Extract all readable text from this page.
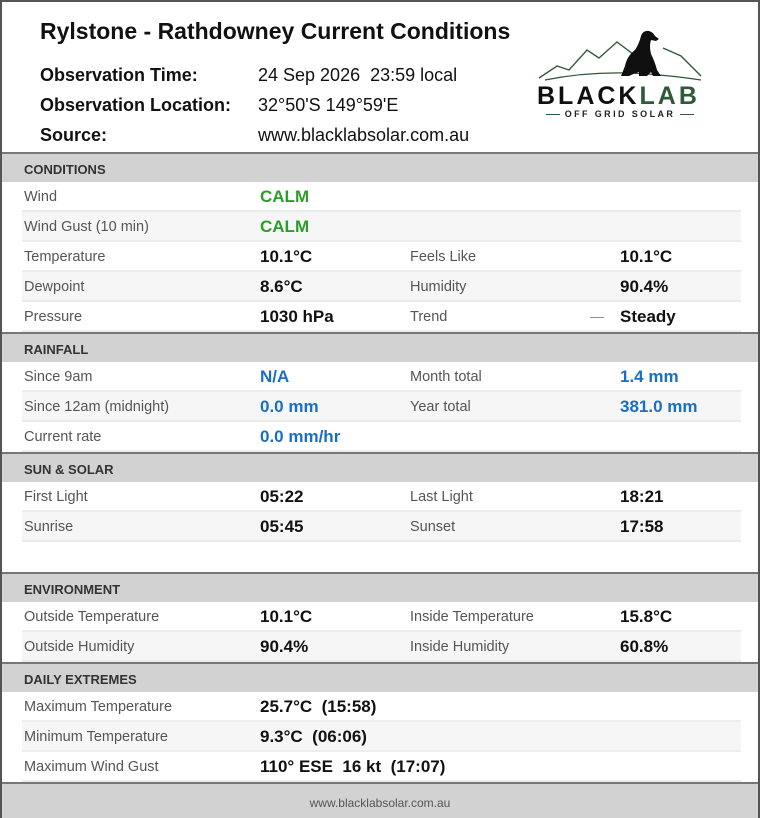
Rylstone - Rathdowney Current Conditions
Observation Time:	24 Sep 2026  23:59 local
Observation Location: 32°50'S 149°59'E
Source:	www.blacklabsolar.com.au
BLACKLAB
OFF GRID SOLAR
CONDITIONS
Wind	CALM
Wind Gust (10 min)	CALM
Temperature	10.1°C	Feels Like	10.1°C
Dewpoint	8.6°C	Humidity	90.4%
Pressure	1030 hPa	Trend	— Steady
RAINFALL
Since 9am	N/A	Month total	1.4 mm
Since 12am (midnight)	0.0 mm	Year total	381.0 mm
Current rate	0.0 mm/hr
SUN & SOLAR
First Light	05:22	Last Light	18:21
Sunrise	05:45	Sunset	17:58
ENVIRONMENT
Outside Temperature	10.1°C	Inside Temperature	15.8°C
Outside Humidity	90.4%	Inside Humidity	60.8%
DAILY EXTREMES
Maximum Temperature	25.7°C  (15:58)
Minimum Temperature	9.3°C  (06:06)
Maximum Wind Gust	110° ESE  16 kt  (17:07)
www.blacklabsolar.com.au
